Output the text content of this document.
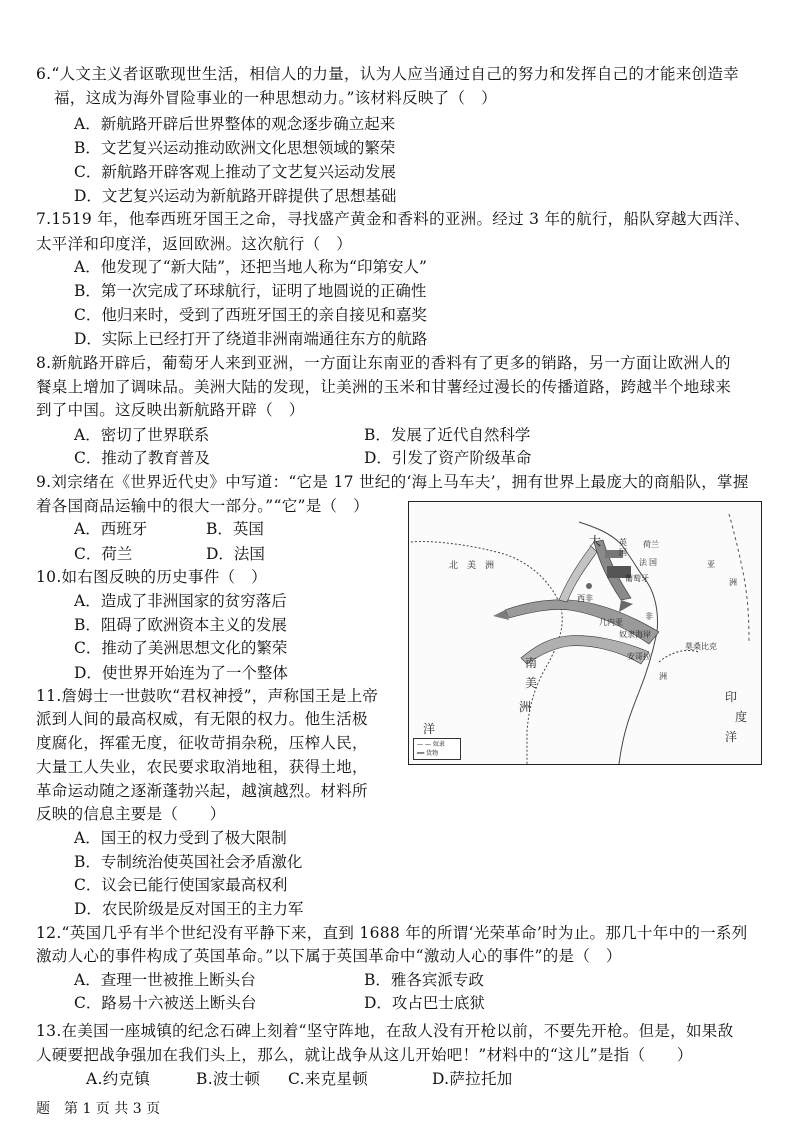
6.“人文主义者讴歌现世生活，相信人的力量，认为人应当通过自己的努力和发挥自己的才能来创造幸
福，这成为海外冒险事业的一种思想动力。”该材料反映了（　）
A．新航路开辟后世界整体的观念逐步确立起来
B．文艺复兴运动推动欧洲文化思想领域的繁荣
C．新航路开辟客观上推动了文艺复兴运动发展
D．文艺复兴运动为新航路开辟提供了思想基础
7.1519 年，他奉西班牙国王之命，寻找盛产黄金和香料的亚洲。经过 3 年的航行，船队穿越大西洋、
太平洋和印度洋，返回欧洲。这次航行（　）
A．他发现了“新大陆”，还把当地人称为“印第安人”
B．第一次完成了环球航行，证明了地圆说的正确性
C．他归来时，受到了西班牙国王的亲自接见和嘉奖
D．实际上已经打开了绕道非洲南端通往东方的航路
8.新航路开辟后，葡萄牙人来到亚洲，一方面让东南亚的香料有了更多的销路，另一方面让欧洲人的
餐桌上增加了调味品。美洲大陆的发现，让美洲的玉米和甘薯经过漫长的传播道路，跨越半个地球来
到了中国。这反映出新航路开辟（　）
A．密切了世界联系	B．发展了近代自然科学
C．推动了教育普及	D．引发了资产阶级革命
9.刘宗绪在《世界近代史》中写道：“它是 17 世纪的‘海上马车夫’，拥有世界上最庞大的商船队，掌握
着各国商品运输中的很大一部分。”“它”是（　）
A．西班牙	B．英国
C．荷兰	D．法国
10.如右图反映的历史事件（　）
A．造成了非洲国家的贫穷落后
B．阻碍了欧洲资本主义的发展
C．推动了美洲思想文化的繁荣
D．使世界开始连为了一个整体
11.詹姆士一世鼓吹“君权神授”，声称国王是上帝
派到人间的最高权威，有无限的权力。他生活极
度腐化，挥霍无度，征收苛捐杂税，压榨人民，
大量工人失业，农民要求取消地租，获得土地，
革命运动随之逐渐蓬勃兴起，越演越烈。材料所
反映的信息主要是（　　）
A．国王的权力受到了极大限制
B．专制统治使英国社会矛盾激化
C．议会已能行使国家最高权利
D．农民阶级是反对国王的主力军
12.“英国几乎有半个世纪没有平静下来，直到 1688 年的所谓‘光荣革命’时为止。那几十年中的一系列
激动人心的事件构成了英国革命。”以下属于英国革命中“激动人心的事件”的是（　）
A．查理一世被推上断头台	B．雅各宾派专政
C．路易十六被送上断头台	D．攻占巴士底狱
13.在美国一座城镇的纪念石碑上刻着“坚守阵地，在敌人没有开枪以前，不要先开枪。但是，如果敌
人硬要把战争强加在我们头上，那么，就让战争从这儿开始吧！”材料中的“这儿”是指（　　）
A.约克镇	B.波士顿 C.来克星顿	D.萨拉托加
北　美　洲
大 英
国
荷兰
法 国
葡萄牙
西非
几内亚
奴隶海岸
安哥拉
莫桑比克
非
洲
亚
洲
南
美
洲
印
度
洋
洋
— — 奴隶
━━ 货物
题　第 1 页 共 3 页
